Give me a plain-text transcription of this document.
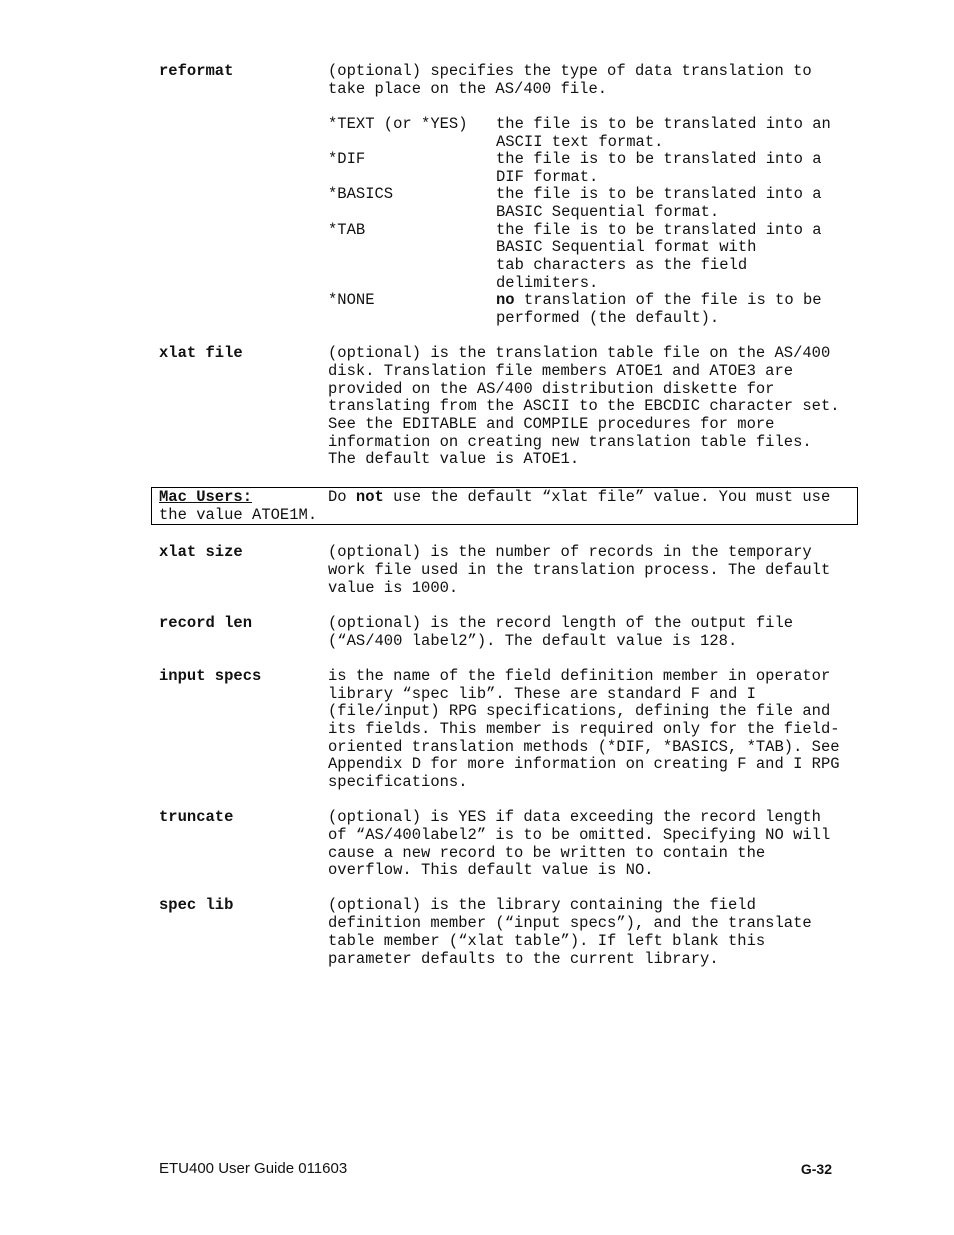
reformat	(optional) specifies the type of data translation to
take place on the AS/400 file.
*TEXT (or *YES) the file is to be translated into an
ASCII text format.
*DIF	the file is to be translated into a
DIF format.
*BASICS	the file is to be translated into a
BASIC Sequential format.
*TAB	the file is to be translated into a
BASIC Sequential format with
tab characters as the field
delimiters.
*NONE	no translation of the file is to be
performed (the default).
xlat file	(optional) is the translation table file on the AS/400
disk. Translation file members ATOE1 and ATOE3 are
provided on the AS/400 distribution diskette for
translating from the ASCII to the EBCDIC character set.
See the EDITABLE and COMPILE procedures for more
information on creating new translation table files.
The default value is ATOE1.
Mac Users:	Do not use the default “xlat file” value. You must use
the value ATOE1M.
xlat size	(optional) is the number of records in the temporary
work file used in the translation process. The default
value is 1000.
record len	(optional) is the record length of the output file
(“AS/400 label2”). The default value is 128.
input specs	is the name of the field definition member in operator
library “spec lib”. These are standard F and I
(file/input) RPG specifications, defining the file and
its fields. This member is required only for the field-
oriented translation methods (*DIF, *BASICS, *TAB). See
Appendix D for more information on creating F and I RPG
specifications.
truncate	(optional) is YES if data exceeding the record length
of “AS/400label2” is to be omitted. Specifying NO will
cause a new record to be written to contain the
overflow. This default value is NO.
spec lib	(optional) is the library containing the field
definition member (“input specs”), and the translate
table member (“xlat table”). If left blank this
parameter defaults to the current library.
ETU400 User Guide 011603	G-32
